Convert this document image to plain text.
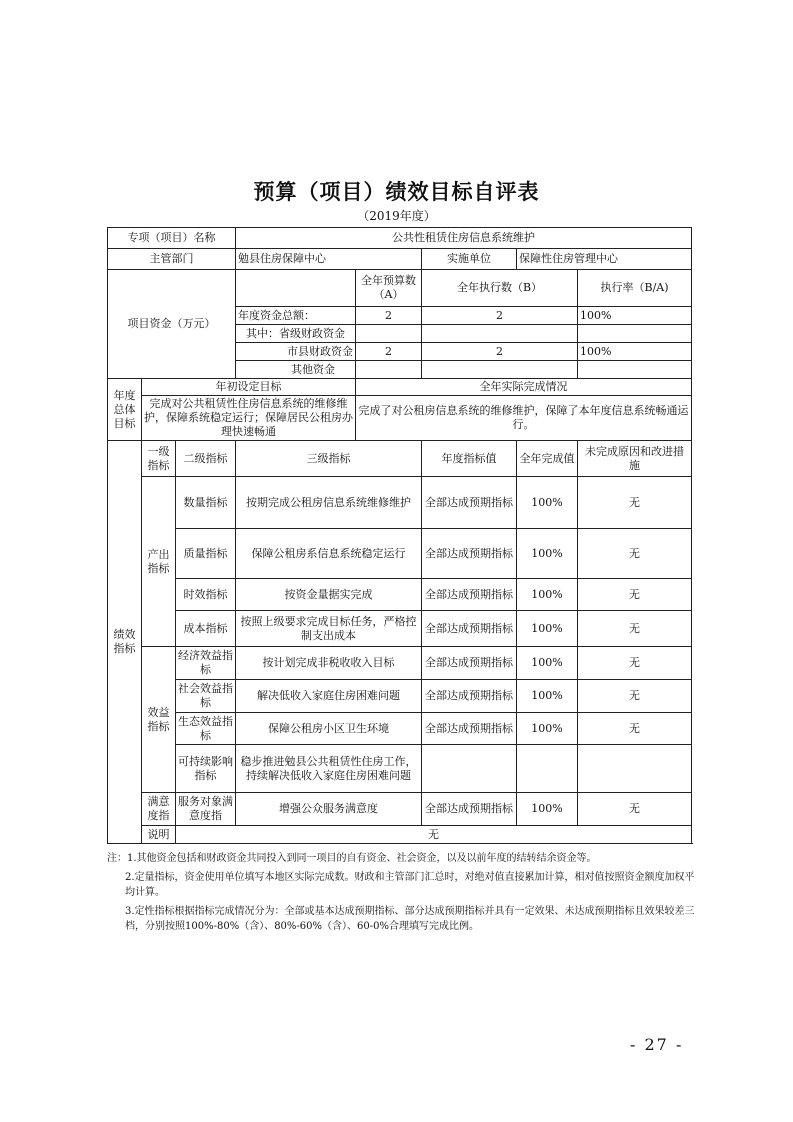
预算（项目）绩效目标自评表
（2019年度）
专项（项目）名称			公共性租赁住房信息系统维护				
主管部门			勉县住房保障中心		实施单位	保障性住房管理中心	
项目资金（万元）				全年预算数（A）	全年执行数（B）		执行率（B/A)
			年度资金总额：	2	2		100%
			其中：省级财政资金				
			市县财政资金	2	2		100%
			其他资金				
年度总体目标	年初设定目标			全年实际完成情况			
	完成对公共租赁性住房信息系统的维修维护，保障系统稳定运行；保障居民公租房办理快速畅通			完成了对公租房信息系统的维修维护，保障了本年度信息系统畅通运行。			
绩效指标	一级指标	二级指标	三级指标		年度指标值	全年完成值	未完成原因和改进措施
	产出指标	数量指标	按期完成公租房信息系统维修维护		全部达成预期指标	100%	无
		质量指标	保障公租房系信息系统稳定运行		全部达成预期指标	100%	无
		时效指标	按资金量据实完成		全部达成预期指标	100%	无
		成本指标	按照上级要求完成目标任务，严格控制支出成本		全部达成预期指标	100%	无
	效益指标	经济效益指标	按计划完成非税收收入目标		全部达成预期指标	100%	无
		社会效益指标	解决低收入家庭住房困难问题		全部达成预期指标	100%	无
		生态效益指标	保障公租房小区卫生环境		全部达成预期指标	100%	无
		可持续影响指标	稳步推进勉县公共租赁性住房工作，持续解决低收入家庭住房困难问题				
	满意度指	服务对象满意度指	增强公众服务满意度		全部达成预期指标	100%	无
	说明	无					

注：1.其他资金包括和财政资金共同投入到同一项目的自有资金、社会资金，以及以前年度的结转结余资金等。

2.定量指标，资金使用单位填写本地区实际完成数。财政和主管部门汇总时，对绝对值直接累加计算，相对值按照资金额度加权平均计算。

3.定性指标根据指标完成情况分为：全部或基本达成预期指标、部分达成预期指标并具有一定效果、未达成预期指标且效果较差三档，分别按照100%-80%（含）、80%-60%（含）、60-0%合理填写完成比例。

- 27 -
